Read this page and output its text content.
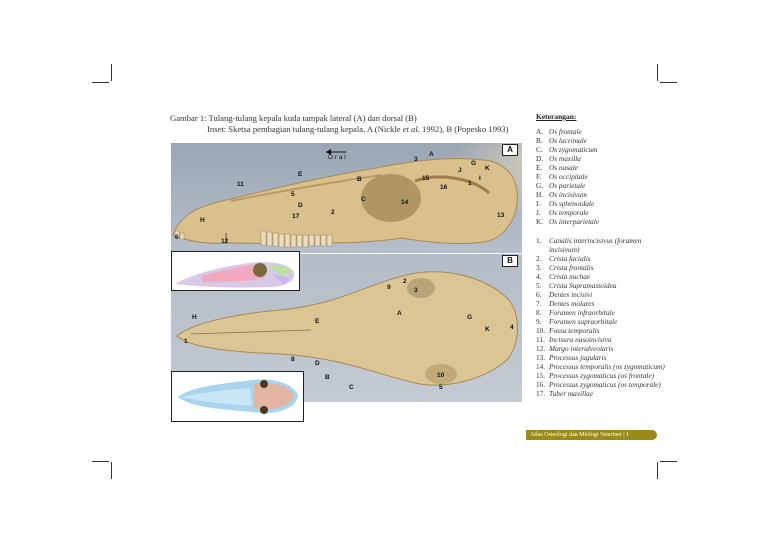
Gambar 1: Tulang-tulang kepala kuda tampak lateral (A) dan dorsal (B)
Inset: Sketsa pembagian tulang-tulang kepala. A (Nickle et al. 1992), B (Popesko 1993)
A
O r a l	A
B
C
D
E
G
H
I
J	K
1
2
3
5
6
11
12
13
14
15
16
17
B
A
B
C
D
E
G
H
K
1
2
3
4
5
8
9
10
Keterangan:
A. Os frontale
B. Os lacrimale
C. Os zygomaticum
D. Os maxilla
E. Os nasale
F.	Os occipitale
G. Os parietale
H. Os incisivum
I.	Os sphenoidale
J.	Os temporale
K. Os interparietale
1.	Canalis interincisivus (foramen incisivum)
2.	Crista facialis
3.	Crista frontalis
4.	Crista nuchae
5.	Crista Supramastoidea
6.	Dentes incisivi
7.	Dentes molares
8.	Foramen infraorbitale
9.	Foramen supraorbitale
10. Fossa temporalis
11. Incisura nasoincisiva
12. Margo interalveolaris
13. Processus jugularis
14. Processus temporalis (os zygomaticum)
15. Processus zygomaticus (os frontale)
16. Processus zygomaticus (os temporale)
17. Tuber maxillae
Atlas Osteologi dan Miologi Veteriner | 1
